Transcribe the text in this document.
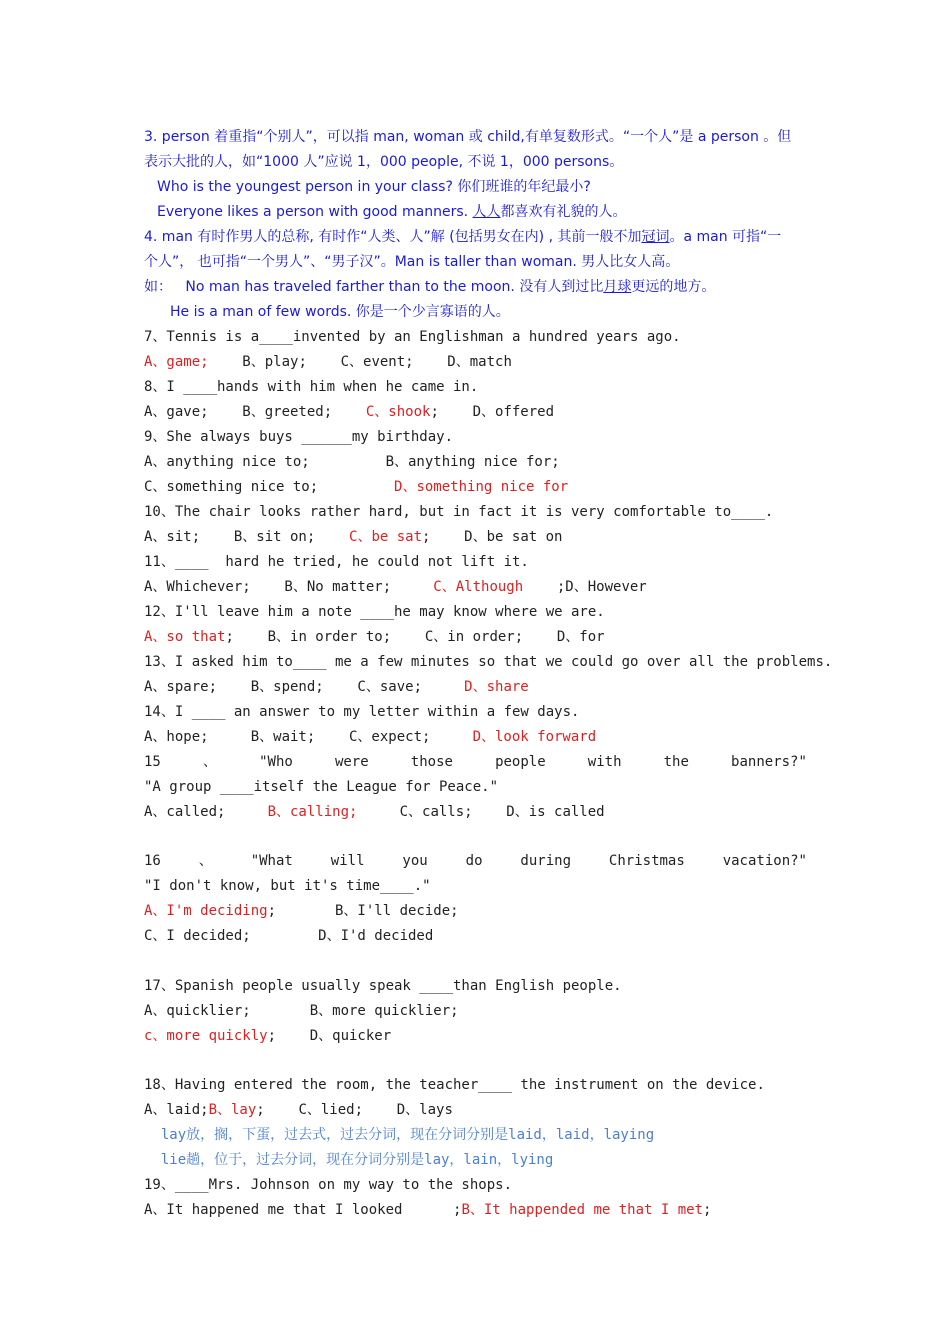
3. person 着重指“个别人”，可以指 man, woman 或 child,有单复数形式。“一个人”是 a person 。但
表示大批的人，如“1000 人”应说 1，000 people, 不说 1，000 persons。
Who is the youngest person in your class? 你们班谁的年纪最小?
Everyone likes a person with good manners. 人人都喜欢有礼貌的人。
4. man 有时作男人的总称, 有时作“人类、人”解 (包括男女在内) , 其前一般不加冠词。a man 可指“一
个人”， 也可指“一个男人”、“男子汉”。Man is taller than woman. 男人比女人高。
如：   No man has traveled farther than to the moon. 没有人到过比月球更远的地方。
He is a man of few words. 你是一个少言寡语的人。
7、Tennis is a____invented by an Englishman a hundred years ago.
A、game; B、play;    C、event;    D、match
8、I ____hands with him when he came in.
A、gave;    B、greeted;    C、shook;    D、offered
9、She always buys ______my birthday.
A、anything nice to;         B、anything nice for;
C、something nice to;         D、something nice for
10、The chair looks rather hard, but in fact it is very comfortable to____.
A、sit;    B、sit on;    C、be sat;    D、be sat on
11、____  hard he tried, he could not lift it.
A、Whichever;    B、No matter;     C、Although    ;D、However
12、I'll leave him a note ____he may know where we are.
A、so that;    B、in order to;    C、in order;    D、for
13、I asked him to____ me a few minutes so that we could go over all the problems.
A、spare;    B、spend;    C、save;     D、share
14、I ____ an answer to my letter within a few days.
A、hope;     B、wait;    C、expect;     D、look forward
15	、	"Who	were	those	people	with	the	banners?"
"A group ____itself the League for Peace."
A、called;     B、calling;     C、calls;    D、is called
16	、	"What	will	you	do	during	Christmas	vacation?"
"I don't know, but it's time____."
A、I'm deciding;       B、I'll decide;
C、I decided;        D、I'd decided
17、Spanish people usually speak ____than English people.
A、quicklier;       B、more quicklier;
c、more quickly;    D、quicker
18、Having entered the room, the teacher____ the instrument on the device.
A、laid;B、lay;    C、lied;    D、lays
lay放，搁，下蛋，过去式，过去分词，现在分词分别是laid，laid，laying
lie趟，位于，过去分词，现在分词分别是lay，lain，lying
19、____Mrs. Johnson on my way to the shops.
A、It happened me that I looked      ;B、It happended me that I met;
